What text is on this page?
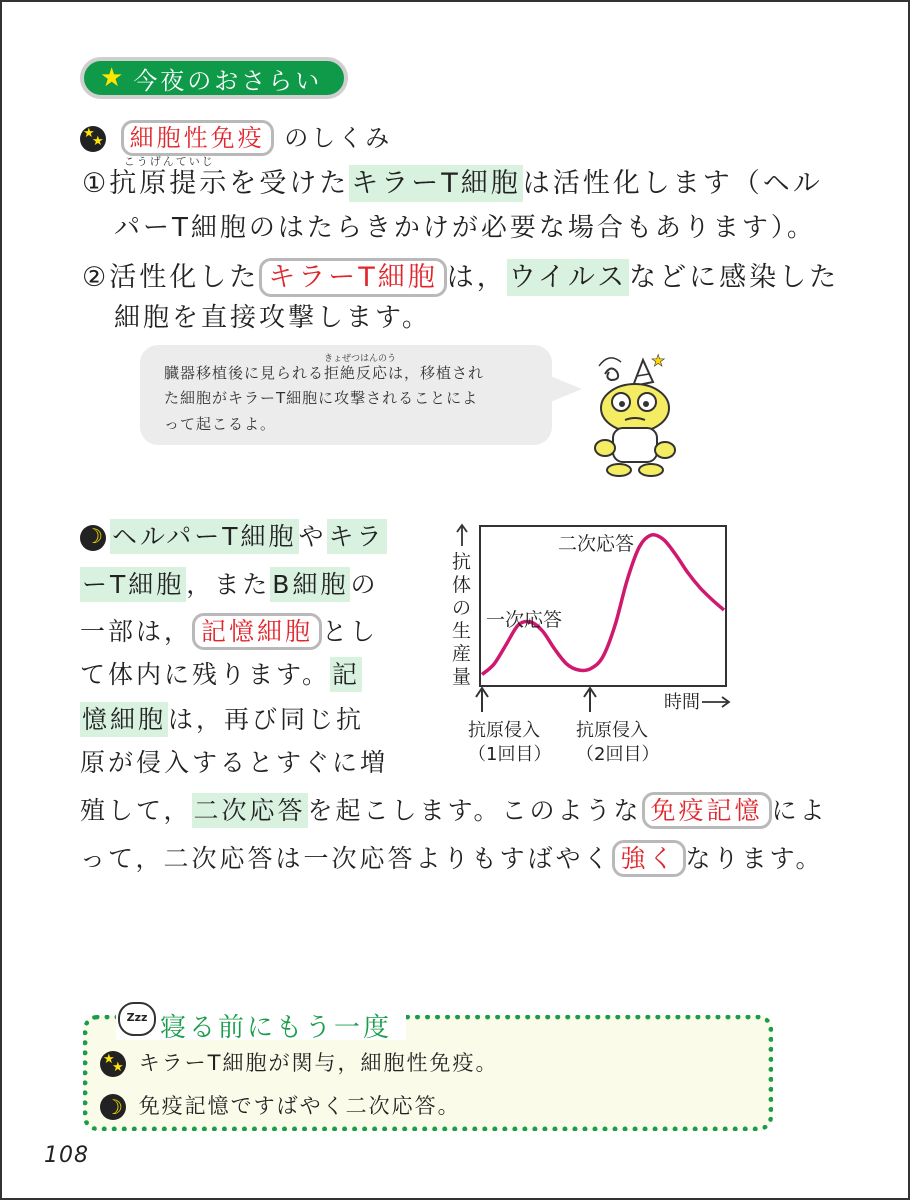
★ 今夜のおさらい
★
★ 細胞性免疫 のしくみ
①
こうげんていじ
抗原提示を受けたキラーT細胞は活性化します（ヘル
パーT細胞のはたらきかけが必要な場合もあります）。
②活性化した キラーT細胞 は，ウイルスなどに感染した
細胞を直接攻撃します。
臓器移植後に見られる
きょぜつはんのう
拒絶反応は，移植され
た細胞がキラーT細胞に攻撃されることによ
って起こるよ。
★
☽ ヘルパーT細胞やキラ
ーT細胞，またB細胞の
一部は， 記憶細胞 とし
て体内に残ります。記
憶細胞は，再び同じ抗
原が侵入するとすぐに増
殖して，二次応答を起こします。このような 免疫記憶 によ
って，二次応答は一次応答よりもすばやく 強く なります。
抗
体
の
生
産
量
一次応答
二次応答
時間
抗原侵入
（1回目）
抗原侵入
（2回目）
Zzz 寝る前にもう一度
★
★ キラーT細胞が関与，細胞性免疫。
☽ 免疫記憶ですばやく二次応答。
108
